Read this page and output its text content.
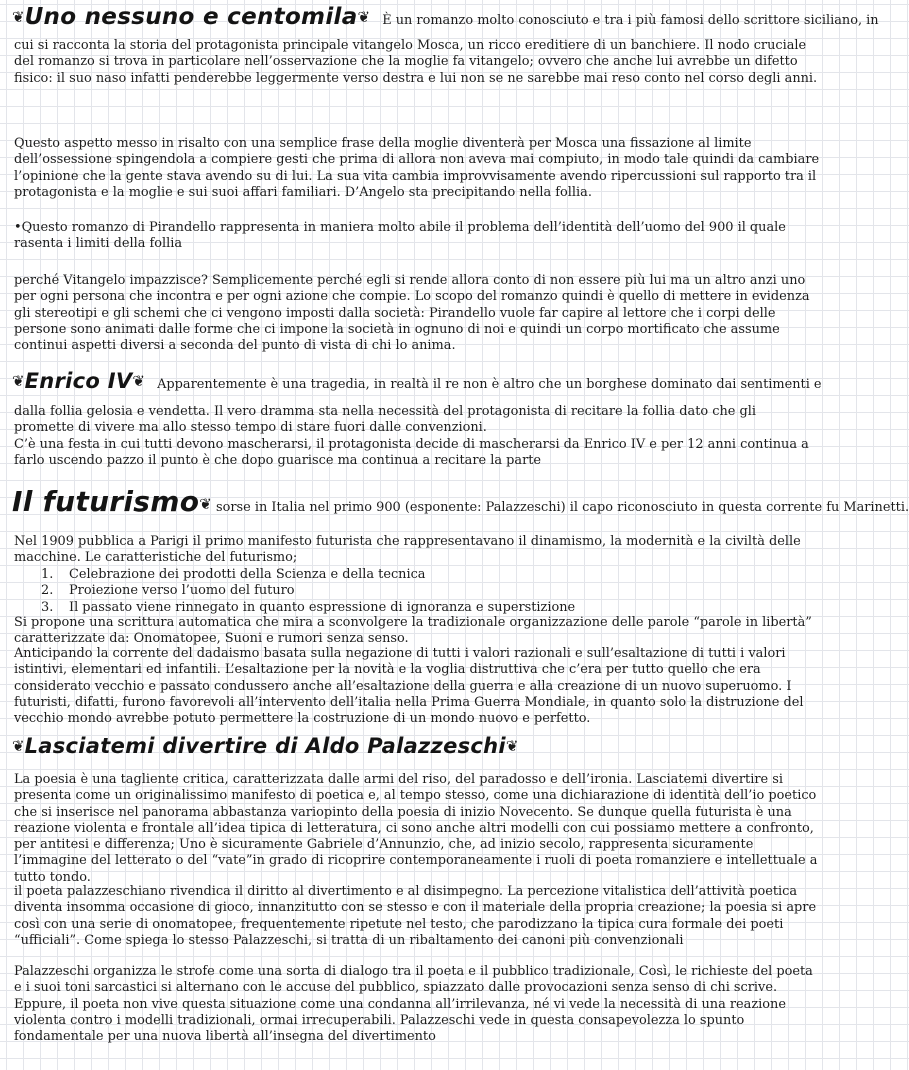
❦Uno nessuno e centomila❦ È un romanzo molto conosciuto e tra i più famosi dello scrittore siciliano, in

cui si racconta la storia del protagonista principale vitangelo Mosca, un ricco ereditiere di un banchiere. Il nodo cruciale del romanzo si trova in particolare nell’osservazione che la moglie fa vitangelo; ovvero che anche lui avrebbe un difetto fisico: il suo naso infatti penderebbe leggermente verso destra e lui non se ne sarebbe mai reso conto nel corso degli anni.

Questo aspetto messo in risalto con una semplice frase della moglie diventerà per Mosca una fissazione al limite dell’ossessione spingendola a compiere gesti che prima di allora non aveva mai compiuto, in modo tale quindi da cambiare l’opinione che la gente stava avendo su di lui. La sua vita cambia improvvisamente avendo ripercussioni sul rapporto tra il protagonista e la moglie e sui suoi affari familiari. D’Angelo sta precipitando nella follia.

•Questo romanzo di Pirandello rappresenta in maniera molto abile il problema dell’identità dell’uomo del 900 il quale rasenta i limiti della follia

perché Vitangelo impazzisce? Semplicemente perché egli si rende allora conto di non essere più lui ma un altro anzi uno per ogni persona che incontra e per ogni azione che compie. Lo scopo del romanzo quindi è quello di mettere in evidenza gli stereotipi e gli schemi che ci vengono imposti dalla società: Pirandello vuole far capire al lettore che i corpi delle persone sono animati dalle forme che ci impone la società in ognuno di noi e quindi un corpo mortificato che assume continui aspetti diversi a seconda del punto di vista di chi lo anima.

❦Enrico IV❦ Apparentemente è una tragedia, in realtà il re non è altro che un borghese dominato dai sentimenti e

dalla follia gelosia e vendetta. Il vero dramma sta nella necessità del protagonista di recitare la follia dato che gli promette di vivere ma allo stesso tempo di stare fuori dalle convenzioni.

C’è una festa in cui tutti devono mascherarsi, il protagonista decide di mascherarsi da Enrico IV e per 12 anni continua a farlo uscendo pazzo il punto è che dopo guarisce ma continua a recitare la parte

Il futurismo❦ sorse in Italia nel primo 900 (esponente: Palazzeschi) il capo riconosciuto in questa corrente fu Marinetti.

Nel 1909 pubblica a Parigi il primo manifesto futurista che rappresentavano il dinamismo, la modernità e la civiltà delle macchine. Le caratteristiche del futurismo;

1. Celebrazione dei prodotti della Scienza e della tecnica
2. Proiezione verso l’uomo del futuro
3. Il passato viene rinnegato in quanto espressione di ignoranza e superstizione

Si propone una scrittura automatica che mira a sconvolgere la tradizionale organizzazione delle parole “parole in libertà” caratterizzate da: Onomatopee, Suoni e rumori senza senso.

Anticipando la corrente del dadaismo basata sulla negazione di tutti i valori razionali e sull’esaltazione di tutti i valori istintivi, elementari ed infantili. L’esaltazione per la novità e la voglia distruttiva che c’era per tutto quello che era considerato vecchio e passato condussero anche all’esaltazione della guerra e alla creazione di un nuovo superuomo. I futuristi, difatti, furono favorevoli all’intervento dell’italia nella Prima Guerra Mondiale, in quanto solo la distruzione del vecchio mondo avrebbe potuto permettere la costruzione di un mondo nuovo e perfetto.

❦Lasciatemi divertire di Aldo Palazzeschi❦

La poesia è una tagliente critica, caratterizzata dalle armi del riso, del paradosso e dell’ironia. Lasciatemi divertire si presenta come un originalissimo manifesto di poetica e, al tempo stesso, come una dichiarazione di identità dell’io poetico che si inserisce nel panorama abbastanza variopinto della poesia di inizio Novecento. Se dunque quella futurista è una reazione violenta e frontale all’idea tipica di letteratura, ci sono anche altri modelli con cui possiamo mettere a confronto, per antitesi e differenza; Uno è sicuramente Gabriele d’Annunzio, che, ad inizio secolo, rappresenta sicuramente l’immagine del letterato o del “vate”in grado di ricoprire contemporaneamente i ruoli di poeta romanziere e intellettuale a tutto tondo.

il poeta palazzeschiano rivendica il diritto al divertimento e al disimpegno. La percezione vitalistica dell’attività poetica diventa insomma occasione di gioco, innanzitutto con se stesso e con il materiale della propria creazione; la poesia si apre così con una serie di onomatopee, frequentemente ripetute nel testo, che parodizzano la tipica cura formale dei poeti “ufficiali”. Come spiega lo stesso Palazzeschi, si tratta di un ribaltamento dei canoni più convenzionali

Palazzeschi organizza le strofe come una sorta di dialogo tra il poeta e il pubblico tradizionale, Così, le richieste del poeta e i suoi toni sarcastici si alternano con le accuse del pubblico, spiazzato dalle provocazioni senza senso di chi scrive. Eppure, il poeta non vive questa situazione come una condanna all’irrilevanza, né vi vede la necessità di una reazione violenta contro i modelli tradizionali, ormai irrecuperabili. Palazzeschi vede in questa consapevolezza lo spunto fondamentale per una nuova libertà all’insegna del divertimento
